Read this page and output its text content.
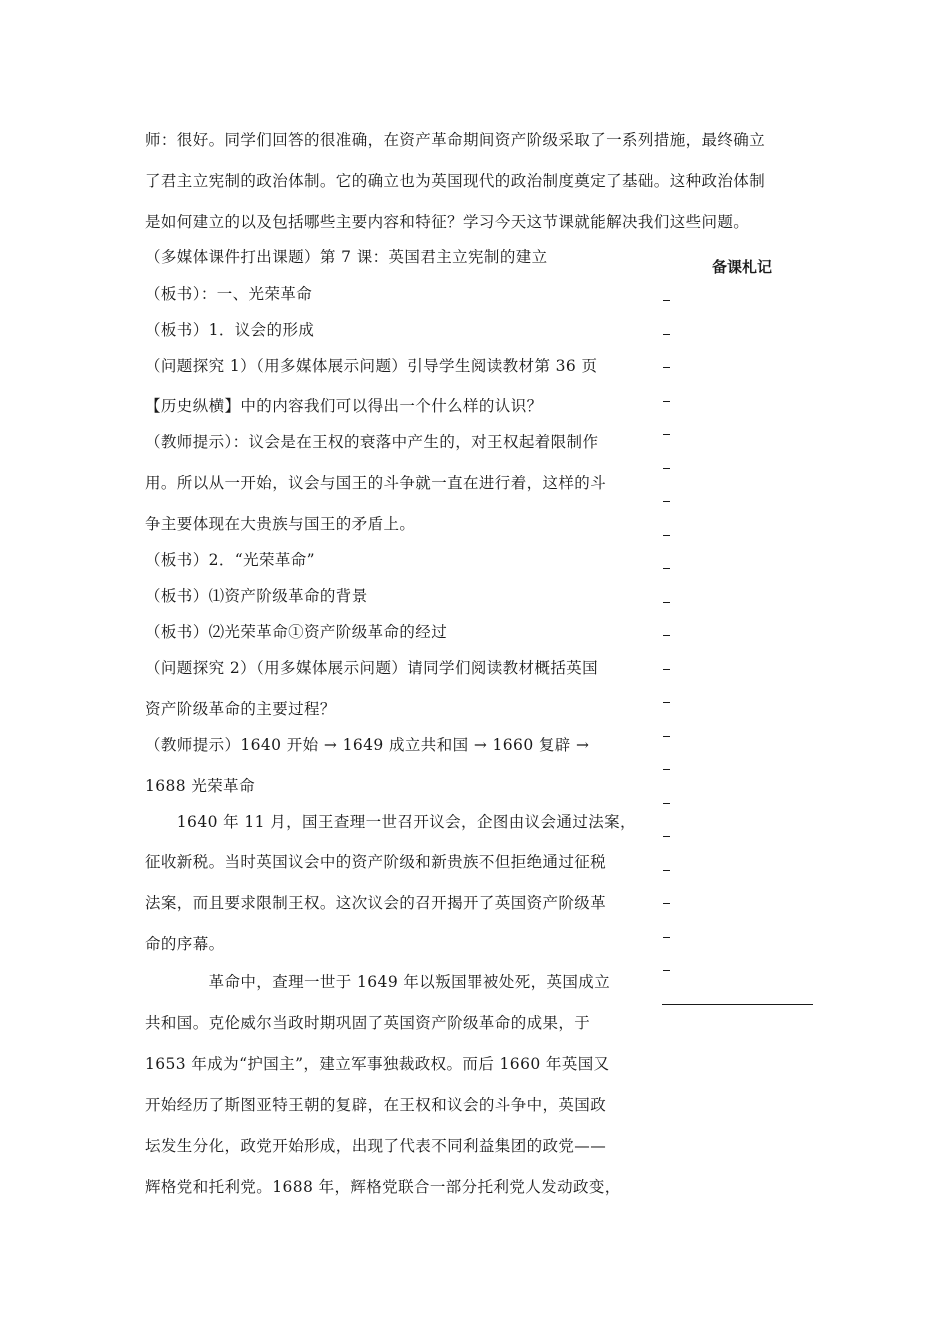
师：很好。同学们回答的很准确，在资产革命期间资产阶级采取了一系列措施，最终确立
了君主立宪制的政治体制。它的确立也为英国现代的政治制度奠定了基础。这种政治体制
是如何建立的以及包括哪些主要内容和特征？学习今天这节课就能解决我们这些问题。
（多媒体课件打出课题）第 7 课：英国君主立宪制的建立
（板书）：一、光荣革命
（板书）1．议会的形成
（问题探究 1）（用多媒体展示问题）引导学生阅读教材第 36 页
【历史纵横】中的内容我们可以得出一个什么样的认识？
（教师提示）：议会是在王权的衰落中产生的，对王权起着限制作
用。所以从一开始，议会与国王的斗争就一直在进行着，这样的斗
争主要体现在大贵族与国王的矛盾上。
（板书）2．“光荣革命”
（板书）⑴资产阶级革命的背景
（板书）⑵光荣革命①资产阶级革命的经过
（问题探究 2）（用多媒体展示问题）请同学们阅读教材概括英国
资产阶级革命的主要过程？
（教师提示）1640 开始 → 1649 成立共和国 → 1660 复辟 →
1688 光荣革命
　　1640 年 11 月，国王查理一世召开议会，企图由议会通过法案，
征收新税。当时英国议会中的资产阶级和新贵族不但拒绝通过征税
法案，而且要求限制王权。这次议会的召开揭开了英国资产阶级革
命的序幕。
　　　　革命中，查理一世于 1649 年以叛国罪被处死，英国成立
共和国。克伦威尔当政时期巩固了英国资产阶级革命的成果，于
1653 年成为“护国主”，建立军事独裁政权。而后 1660 年英国又
开始经历了斯图亚特王朝的复辟，在王权和议会的斗争中，英国政
坛发生分化，政党开始形成，出现了代表不同利益集团的政党——
辉格党和托利党。1688 年，辉格党联合一部分托利党人发动政变，
备课札记
